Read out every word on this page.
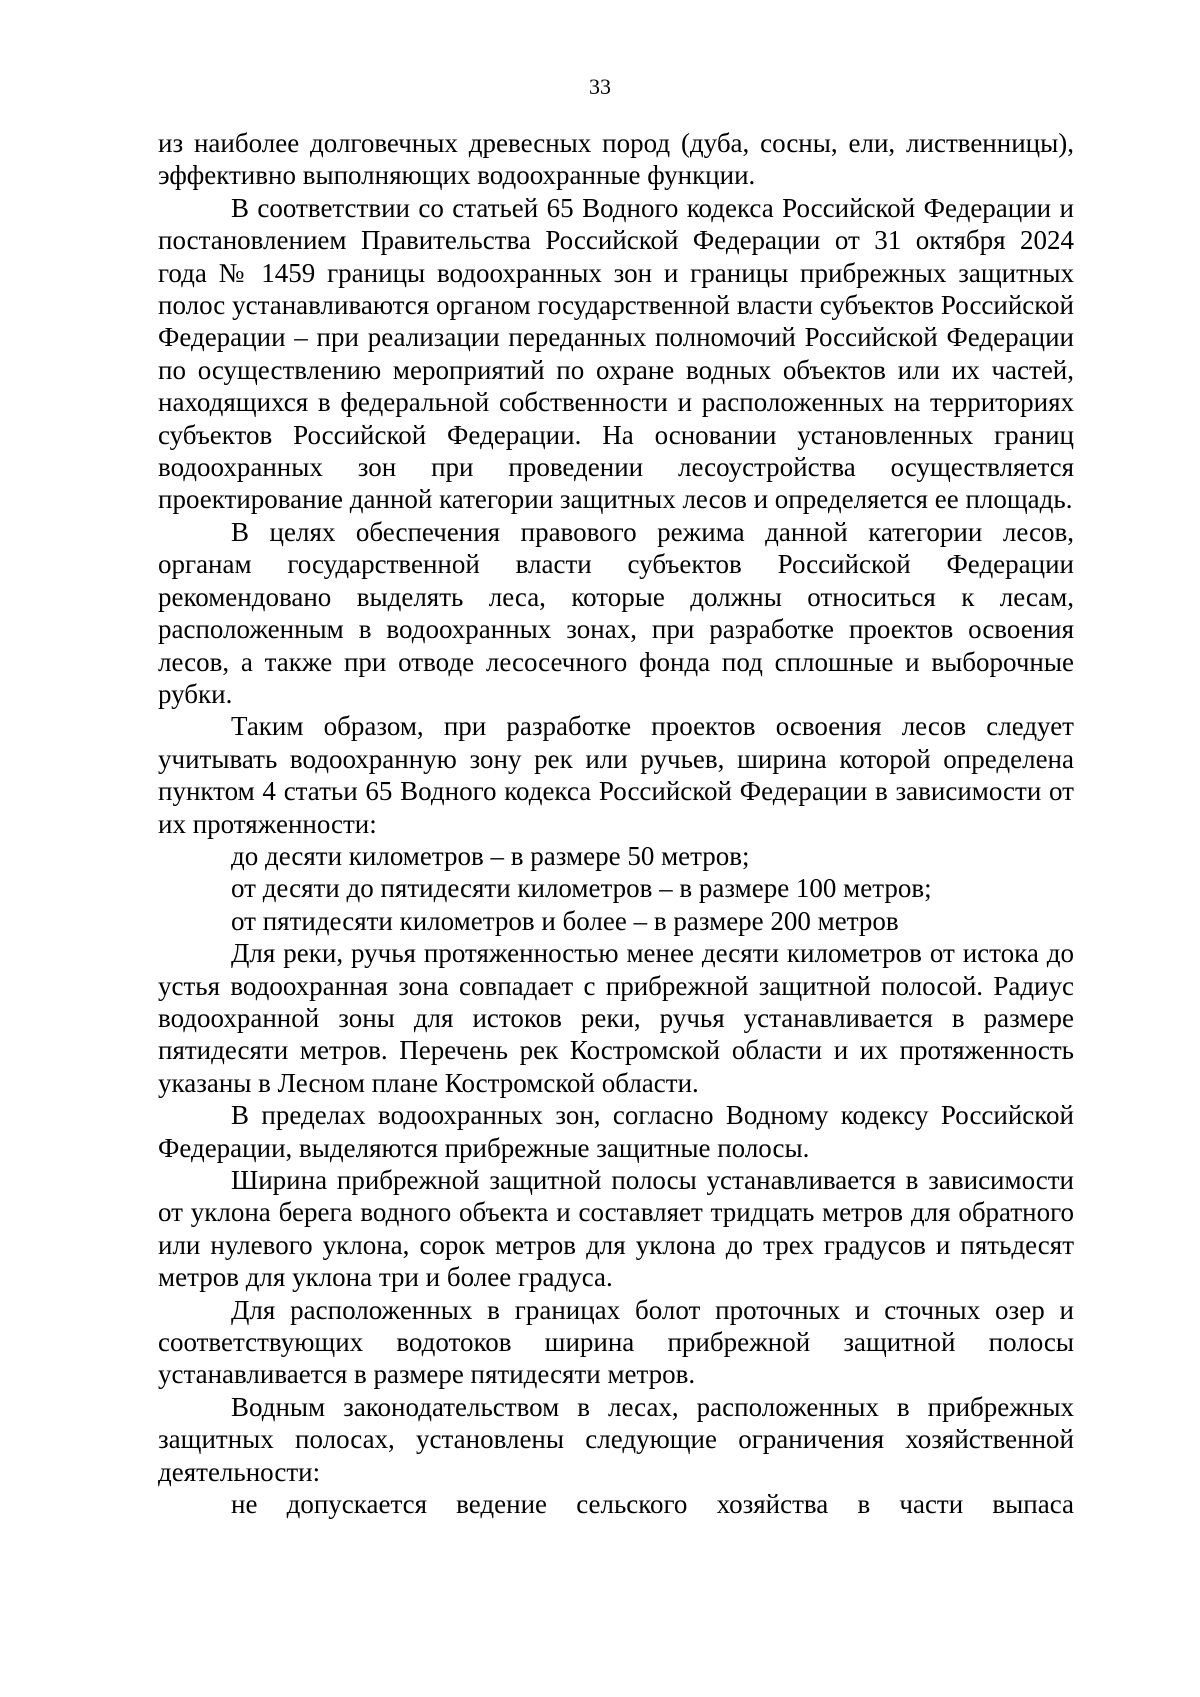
33

из наиболее долговечных древесных пород (дуба, сосны, ели, лиственницы), эффективно выполняющих водоохранные функции.

В соответствии со статьей 65 Водного кодекса Российской Федерации и постановлением Правительства Российской Федерации от 31 октября 2024 года № 1459 границы водоохранных зон и границы прибрежных защитных полос устанавливаются органом государственной власти субъектов Российской Федерации – при реализации переданных полномочий Российской Федерации по осуществлению мероприятий по охране водных объектов или их частей, находящихся в федеральной собственности и расположенных на территориях субъектов Российской Федерации. На основании установленных границ водоохранных зон при проведении лесоустройства осуществляется проектирование данной категории защитных лесов и определяется ее площадь.

В целях обеспечения правового режима данной категории лесов, органам государственной власти субъектов Российской Федерации рекомендовано выделять леса, которые должны относиться к лесам, расположенным в водоохранных зонах, при разработке проектов освоения лесов, а также при отводе лесосечного фонда под сплошные и выборочные рубки.

Таким образом, при разработке проектов освоения лесов следует учитывать водоохранную зону рек или ручьев, ширина которой определена пунктом 4 статьи 65 Водного кодекса Российской Федерации в зависимости от их протяженности:

до десяти километров – в размере 50 метров;

от десяти до пятидесяти километров – в размере 100 метров;

от пятидесяти километров и более – в размере 200 метров

Для реки, ручья протяженностью менее десяти километров от истока до устья водоохранная зона совпадает с прибрежной защитной полосой. Радиус водоохранной зоны для истоков реки, ручья устанавливается в размере пятидесяти метров. Перечень рек Костромской области и их протяженность указаны в Лесном плане Костромской области.

В пределах водоохранных зон, согласно Водному кодексу Российской Федерации, выделяются прибрежные защитные полосы.

Ширина прибрежной защитной полосы устанавливается в зависимости от уклона берега водного объекта и составляет тридцать метров для обратного или нулевого уклона, сорок метров для уклона до трех градусов и пятьдесят метров для уклона три и более градуса.

Для расположенных в границах болот проточных и сточных озер и соответствующих водотоков ширина прибрежной защитной полосы устанавливается в размере пятидесяти метров.

Водным законодательством в лесах, расположенных в прибрежных защитных полосах, установлены следующие ограничения хозяйственной деятельности:

не допускается ведение сельского хозяйства в части выпаса
